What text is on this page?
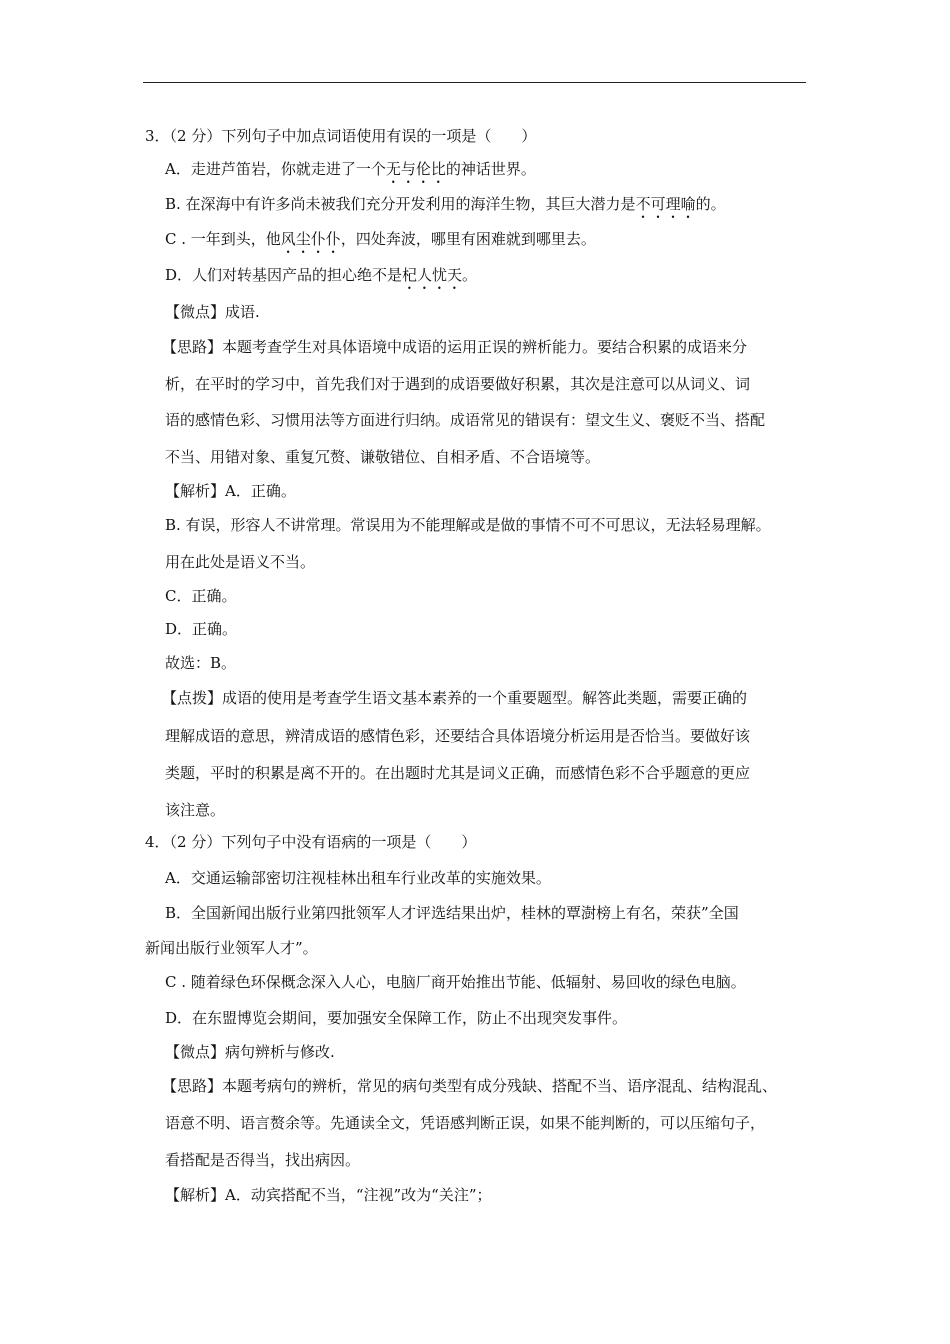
3．（2 分）下列句子中加点词语使用有误的一项是（　　）
A．走进芦笛岩，你就走进了一个无与伦比的神话世界。
B. 在深海中有许多尚未被我们充分开发利用的海洋生物，其巨大潜力是不可理喻的。
C . 一年到头，他风尘仆仆，四处奔波，哪里有困难就到哪里去。
D．人们对转基因产品的担心绝不是杞人忧天。
【微点】成语.
【思路】本题考查学生对具体语境中成语的运用正误的辨析能力。要结合积累的成语来分
析，在平时的学习中，首先我们对于遇到的成语要做好积累，其次是注意可以从词义、词
语的感情色彩、习惯用法等方面进行归纳。成语常见的错误有：望文生义、褒贬不当、搭配
不当、用错对象、重复冗赘、谦敬错位、自相矛盾、不合语境等。
【解析】A．正确。
B. 有误，形容人不讲常理。常误用为不能理解或是做的事情不可不可思议，无法轻易理解。
用在此处是语义不当。
C．正确。
D．正确。
故选：B。
【点拨】成语的使用是考查学生语文基本素养的一个重要题型。解答此类题，需要正确的
理解成语的意思，辨清成语的感情色彩，还要结合具体语境分析运用是否恰当。要做好该
类题，平时的积累是离不开的。在出题时尤其是词义正确，而感情色彩不合乎题意的更应
该注意。
4．（2 分）下列句子中没有语病的一项是（　　）
A．交通运输部密切注视桂林出租车行业改革的实施效果。
B．全国新闻出版行业第四批领军人才评选结果出炉，桂林的覃澍榜上有名，荣获”全国
新闻出版行业领军人才”。
C . 随着绿色环保概念深入人心，电脑厂商开始推出节能、低辐射、易回收的绿色电脑。
D．在东盟博览会期间，要加强安全保障工作，防止不出现突发事件。
【微点】病句辨析与修改.
【思路】本题考病句的辨析，常见的病句类型有成分残缺、搭配不当、语序混乱、结构混乱、
语意不明、语言赘余等。先通读全文，凭语感判断正误，如果不能判断的，可以压缩句子，
看搭配是否得当，找出病因。
【解析】A．动宾搭配不当，“注视”改为“关注”；
